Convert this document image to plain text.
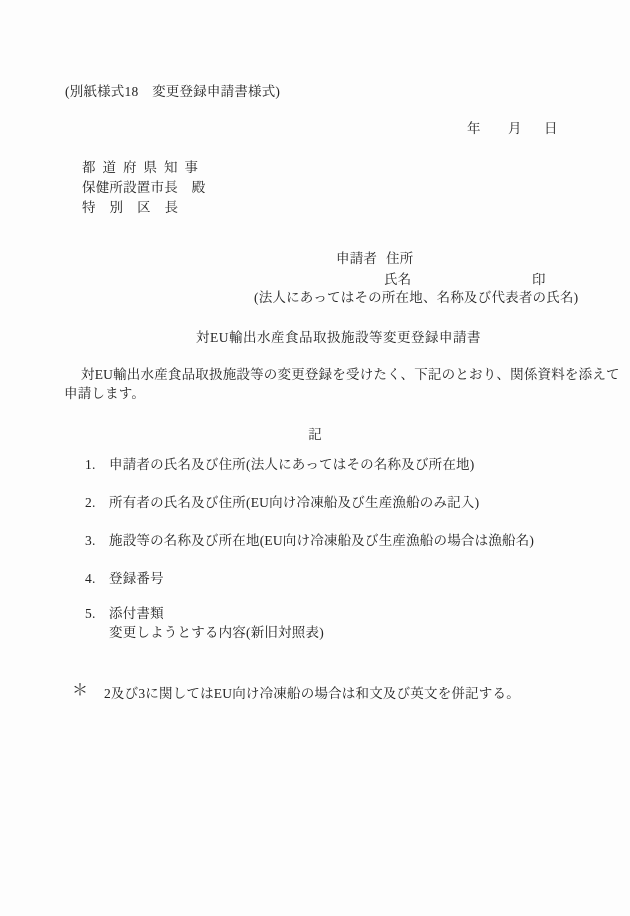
(別紙様式18　変更登録申請書様式)
年 月 日
都道府県知事
保健所設置市長　殿
特別区長
申請者 住所
氏名	印
(法人にあってはその所在地、名称及び代表者の氏名)
対EU輸出水産食品取扱施設等変更登録申請書
対EU輸出水産食品取扱施設等の変更登録を受けたく、下記のとおり、関係資料を添えて
申請します。
記
1. 申請者の氏名及び住所(法人にあってはその名称及び所在地)
2. 所有者の氏名及び住所(EU向け冷凍船及び生産漁船のみ記入)
3. 施設等の名称及び所在地(EU向け冷凍船及び生産漁船の場合は漁船名)
4. 登録番号
5. 添付書類
変更しようとする内容(新旧対照表)
＊ 2及び3に関してはEU向け冷凍船の場合は和文及び英文を併記する。
